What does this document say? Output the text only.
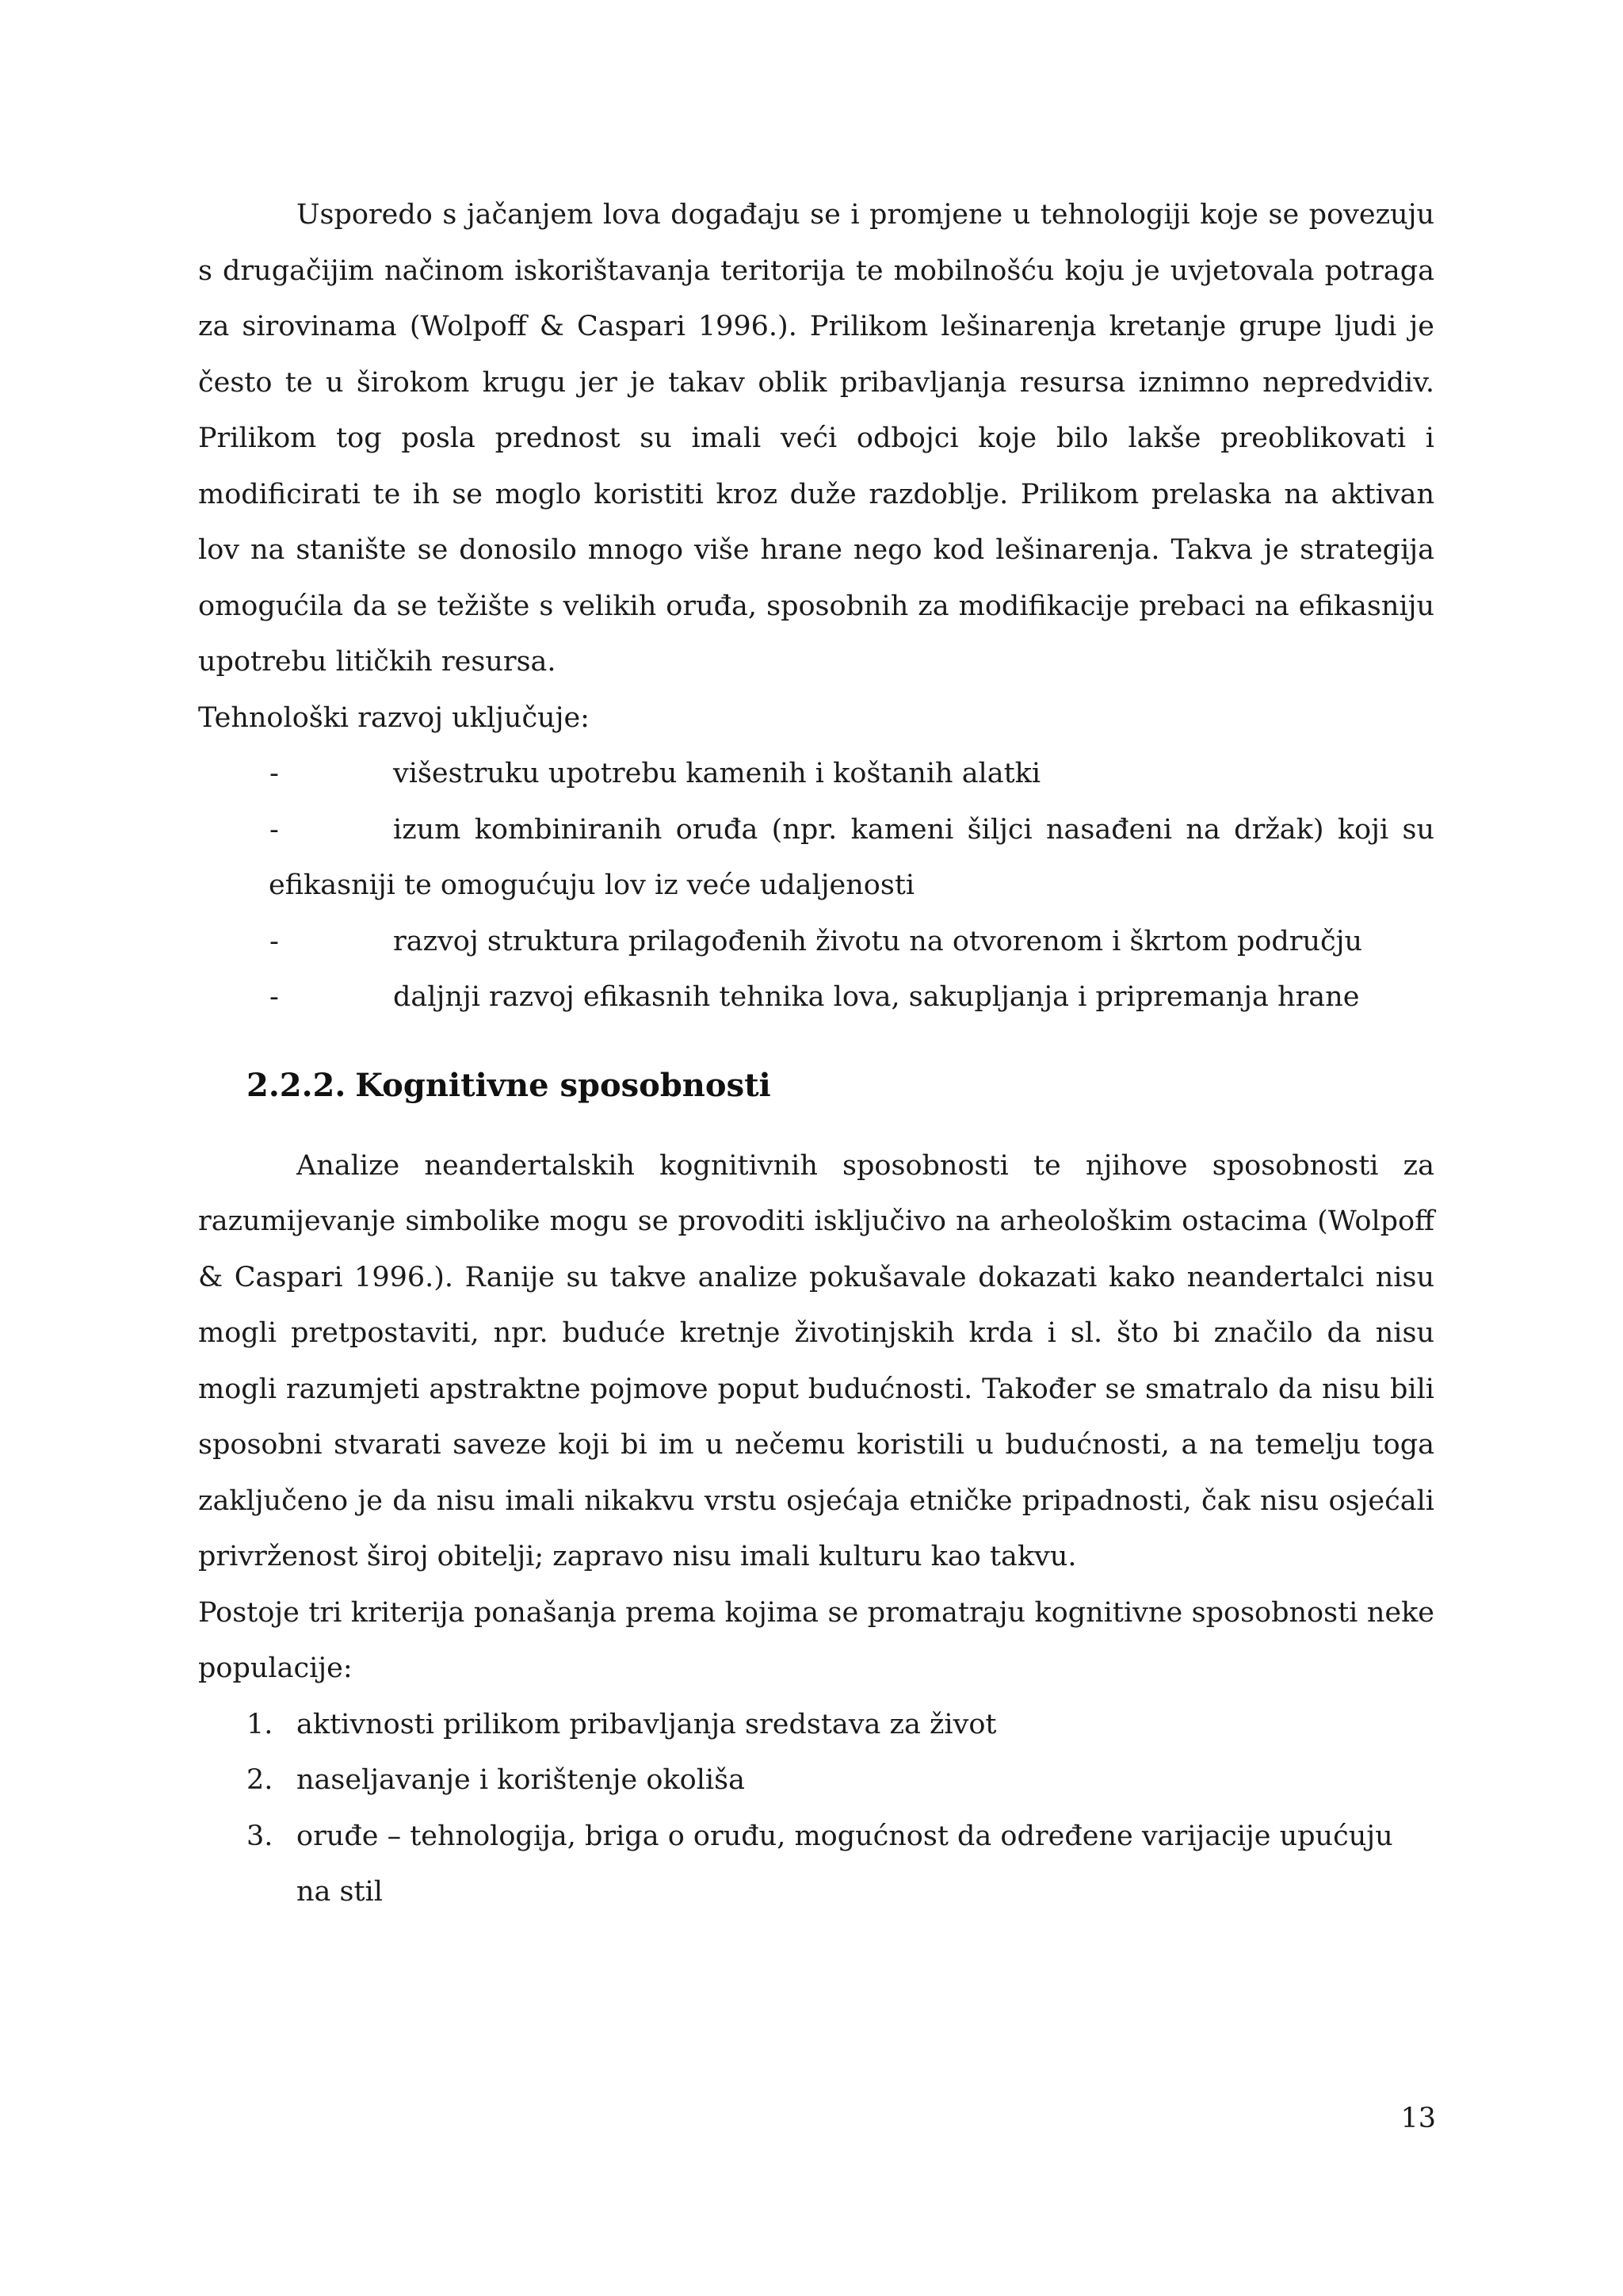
Usporedo s jačanjem lova događaju se i promjene u tehnologiji koje se povezuju s drugačijim načinom iskorištavanja teritorija te mobilnošću koju je uvjetovala potraga za sirovinama (Wolpoff & Caspari 1996.). Prilikom lešinarenja kretanje grupe ljudi je često te u širokom krugu jer je takav oblik pribavljanja resursa iznimno nepredvidiv. Prilikom tog posla prednost su imali veći odbojci koje bilo lakše preoblikovati i modificirati te ih se moglo koristiti kroz duže razdoblje. Prilikom prelaska na aktivan lov na stanište se donosilo mnogo više hrane nego kod lešinarenja. Takva je strategija omogućila da se težište s velikih oruđa, sposobnih za modifikacije prebaci na efikasniju upotrebu litičkih resursa.

Tehnološki razvoj uključuje:

-	višestruku upotrebu kamenih i koštanih alatki
-	izum kombiniranih oruđa (npr. kameni šiljci nasađeni na držak) koji su efikasniji te omogućuju lov iz veće udaljenosti
-	razvoj struktura prilagođenih životu na otvorenom i škrtom području
-	daljnji razvoj efikasnih tehnika lova, sakupljanja i pripremanja hrane
2.2.2. Kognitivne sposobnosti

Analize neandertalskih kognitivnih sposobnosti te njihove sposobnosti za razumijevanje simbolike mogu se provoditi isključivo na arheološkim ostacima (Wolpoff & Caspari 1996.). Ranije su takve analize pokušavale dokazati kako neandertalci nisu mogli pretpostaviti, npr. buduće kretnje životinjskih krda i sl. što bi značilo da nisu mogli razumjeti apstraktne pojmove poput budućnosti. Također se smatralo da nisu bili sposobni stvarati saveze koji bi im u nečemu koristili u budućnosti, a na temelju toga zaključeno je da nisu imali nikakvu vrstu osjećaja etničke pripadnosti, čak nisu osjećali privrženost široj obitelji; zapravo nisu imali kulturu kao takvu.

Postoje tri kriterija ponašanja prema kojima se promatraju kognitivne sposobnosti neke populacije:

1. aktivnosti prilikom pribavljanja sredstava za život
2. naseljavanje i korištenje okoliša
3. oruđe – tehnologija, briga o oruđu, mogućnost da određene varijacije upućuju na stil
13
